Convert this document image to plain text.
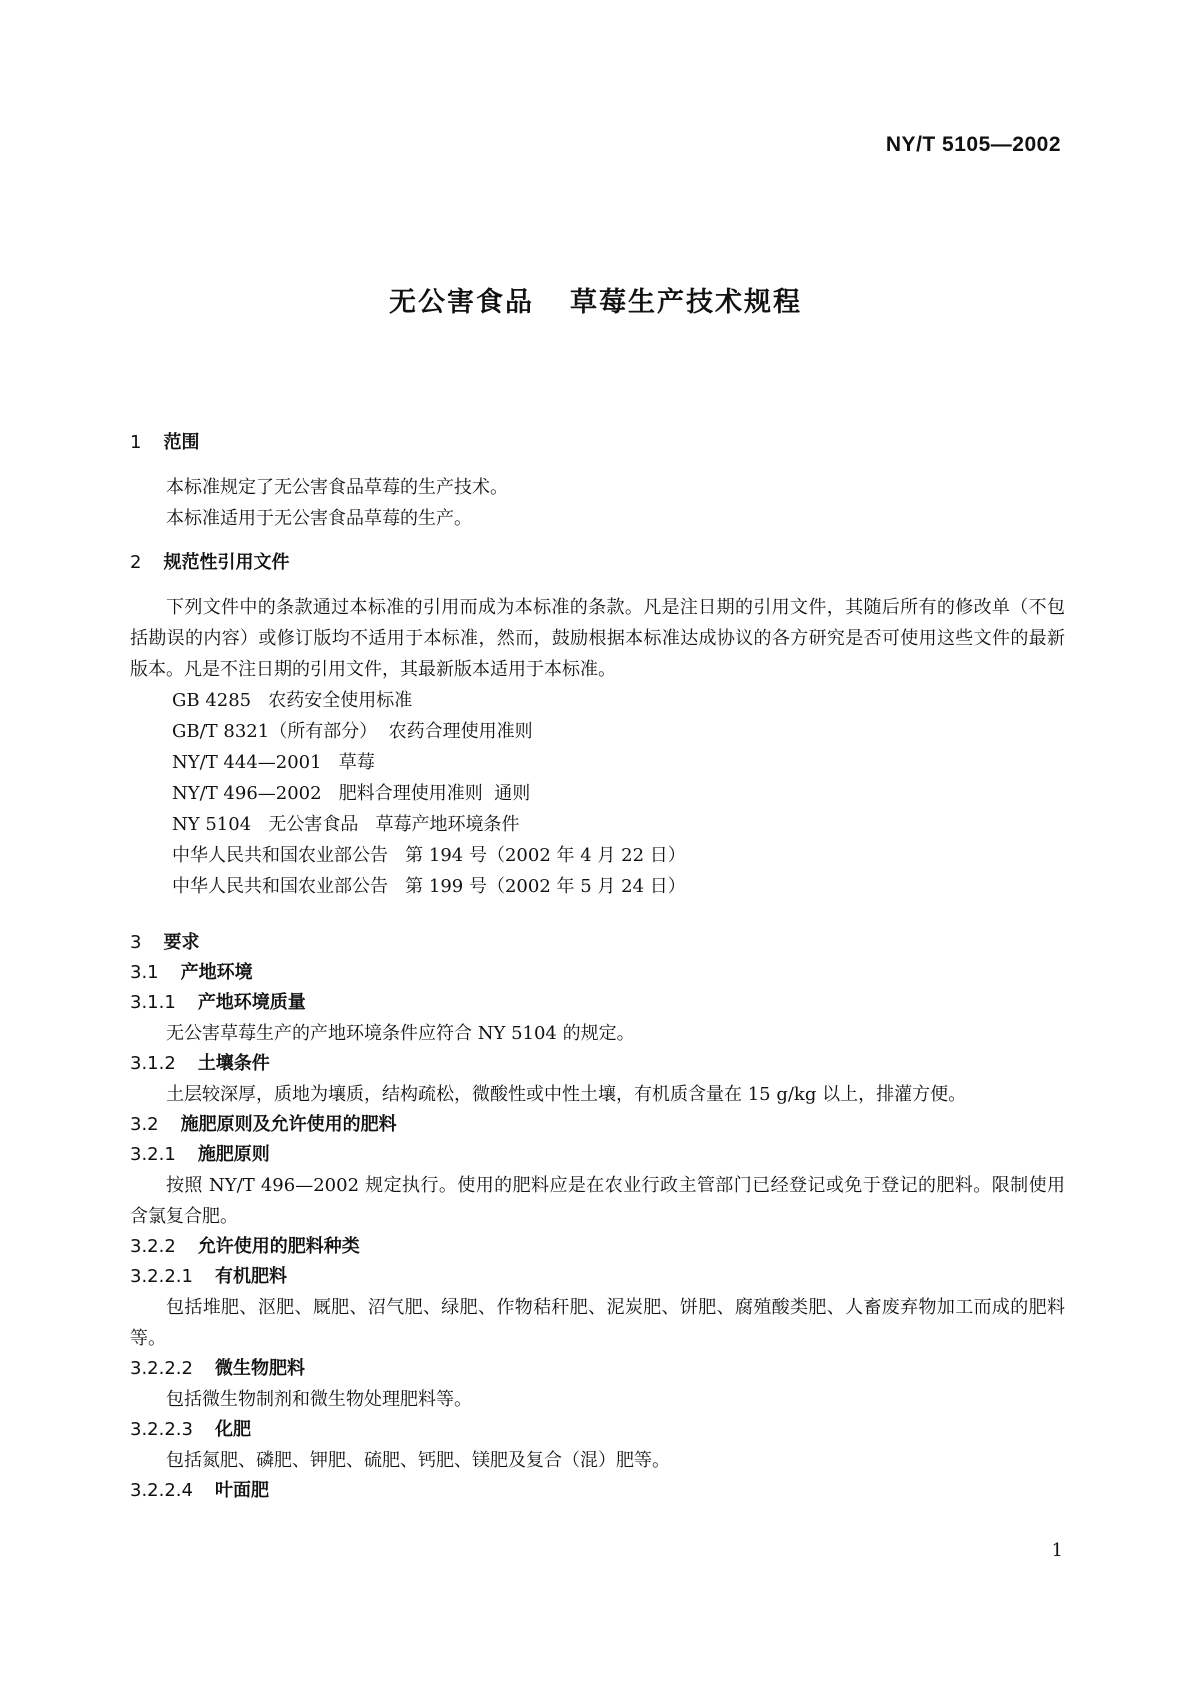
NY/T 5105—2002
无公害食品 草莓生产技术规程
1 范围
本标准规定了无公害食品草莓的生产技术。
本标准适用于无公害食品草莓的生产。
2 规范性引用文件
下列文件中的条款通过本标准的引用而成为本标准的条款。凡是注日期的引用文件，其随后所有的修改单（不包括勘误的内容）或修订版均不适用于本标准，然而，鼓励根据本标准达成协议的各方研究是否可使用这些文件的最新版本。凡是不注日期的引用文件，其最新版本适用于本标准。
GB 4285   农药安全使用标准
GB/T 8321（所有部分）  农药合理使用准则
NY/T 444—2001   草莓
NY/T 496—2002   肥料合理使用准则  通则
NY 5104   无公害食品   草莓产地环境条件
中华人民共和国农业部公告   第 194 号（2002 年 4 月 22 日）
中华人民共和国农业部公告   第 199 号（2002 年 5 月 24 日）
3 要求
3.1 产地环境
3.1.1 产地环境质量
无公害草莓生产的产地环境条件应符合 NY 5104 的规定。
3.1.2 土壤条件
土层较深厚，质地为壤质，结构疏松，微酸性或中性土壤，有机质含量在 15 g/kg 以上，排灌方便。
3.2 施肥原则及允许使用的肥料
3.2.1 施肥原则
按照 NY/T 496—2002 规定执行。使用的肥料应是在农业行政主管部门已经登记或免于登记的肥料。限制使用含氯复合肥。
3.2.2 允许使用的肥料种类
3.2.2.1 有机肥料
包括堆肥、沤肥、厩肥、沼气肥、绿肥、作物秸秆肥、泥炭肥、饼肥、腐殖酸类肥、人畜废弃物加工而成的肥料等。
3.2.2.2 微生物肥料
包括微生物制剂和微生物处理肥料等。
3.2.2.3 化肥
包括氮肥、磷肥、钾肥、硫肥、钙肥、镁肥及复合（混）肥等。
3.2.2.4 叶面肥
1
